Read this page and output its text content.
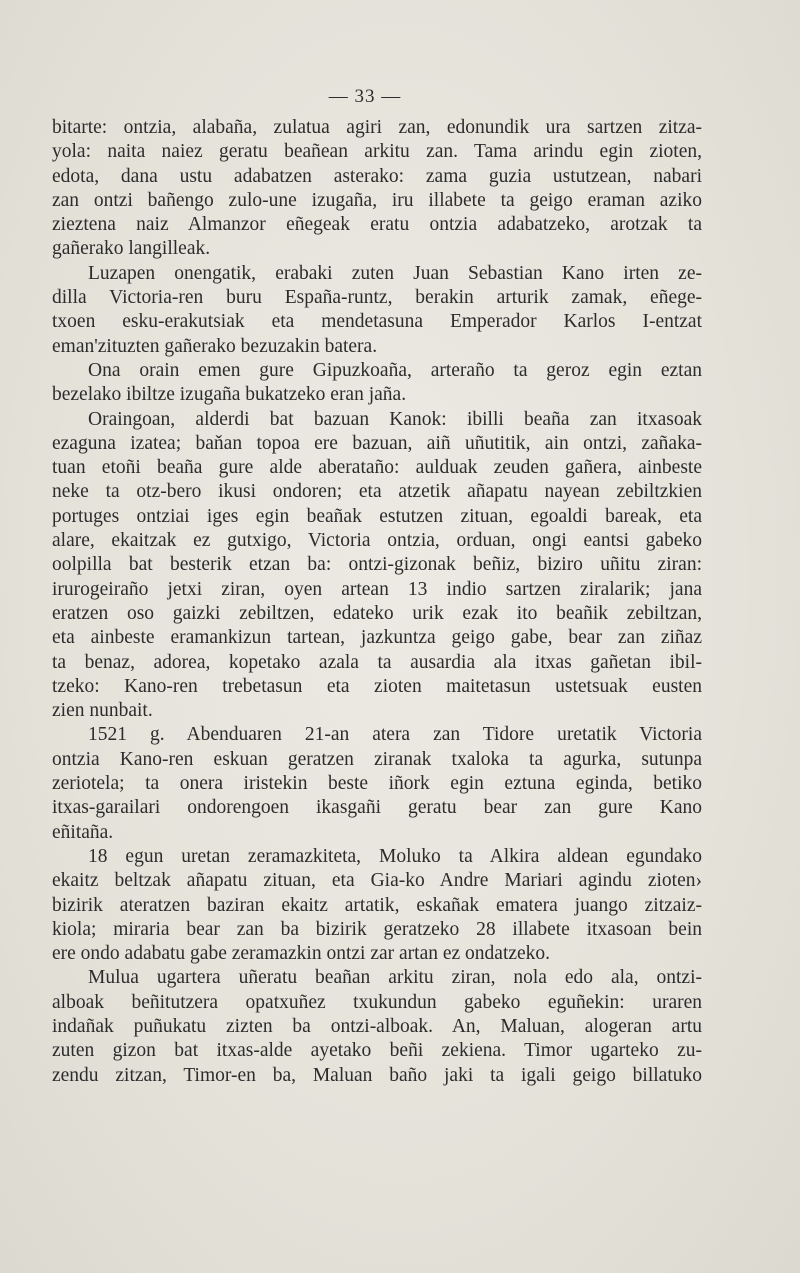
— 33 —
bitarte: ontzia, alabaña, zulatua agiri zan, edonundik ura sartzen zitza-
yola: naita naiez geratu beañean arkitu zan. Tama arindu egin zioten,
edota, dana ustu adabatzen asterako: zama guzia ustutzean, nabari
zan ontzi bañengo zulo-une izugaña, iru illabete ta geigo eraman aziko
zieztena naiz Almanzor eñegeak eratu ontzia adabatzeko, arotzak ta
gañerako langilleak.
Luzapen onengatik, erabaki zuten Juan Sebastian Kano irten ze-
dilla Victoria-ren buru España-runtz, berakin arturik zamak, eñege-
txoen esku-erakutsiak eta mendetasuna Emperador Karlos I-entzat
eman'zituzten gañerako bezuzakin batera.
Ona orain emen gure Gipuzkoaña, arteraño ta geroz egin eztan
bezelako ibiltze izugaña bukatzeko eran jaña.
Oraingoan, alderdi bat bazuan Kanok: ibilli beaña zan itxasoak
ezaguna izatea; baňan topoa ere bazuan, aiñ uñutitik, ain ontzi, zañaka-
tuan etoñi beaña gure alde aberataño: aulduak zeuden gañera, ainbeste
neke ta otz-bero ikusi ondoren; eta atzetik añapatu nayean zebiltzkien
portuges ontziai iges egin beañak estutzen zituan, egoaldi bareak, eta
alare, ekaitzak ez gutxigo, Victoria ontzia, orduan, ongi eantsi gabeko
oolpilla bat besterik etzan ba: ontzi-gizonak beñiz, biziro uñitu ziran:
irurogeiraño jetxi ziran, oyen artean 13 indio sartzen ziralarik; jana
eratzen oso gaizki zebiltzen, edateko urik ezak ito beañik zebiltzan,
eta ainbeste eramankizun tartean, jazkuntza geigo gabe, bear zan ziñaz
ta benaz, adorea, kopetako azala ta ausardia ala itxas gañetan ibil-
tzeko: Kano-ren trebetasun eta zioten maitetasun ustetsuak eusten
zien nunbait.
1521 g. Abenduaren 21-an atera zan Tidore uretatik Victoria
ontzia Kano-ren eskuan geratzen ziranak txaloka ta agurka, sutunpa
zeriotela; ta onera iristekin beste iñork egin eztuna eginda, betiko
itxas-garailari ondorengoen ikasgañi geratu bear zan gure Kano
eñitaña.
18 egun uretan zeramazkiteta, Moluko ta Alkira aldean egundako
ekaitz beltzak añapatu zituan, eta Gia-ko Andre Mariari agindu zioten›
bizirik ateratzen baziran ekaitz artatik, eskañak ematera juango zitzaiz-
kiola; miraria bear zan ba bizirik geratzeko 28 illabete itxasoan bein
ere ondo adabatu gabe zeramazkin ontzi zar artan ez ondatzeko.
Mulua ugartera uñeratu beañan arkitu ziran, nola edo ala, ontzi-
alboak beñitutzera opatxuñez txukundun gabeko eguñekin: uraren
indañak puñukatu zizten ba ontzi-alboak. An, Maluan, alogeran artu
zuten gizon bat itxas-alde ayetako beñi zekiena. Timor ugarteko zu-
zendu zitzan, Timor-en ba, Maluan baño jaki ta igali geigo billatuko
